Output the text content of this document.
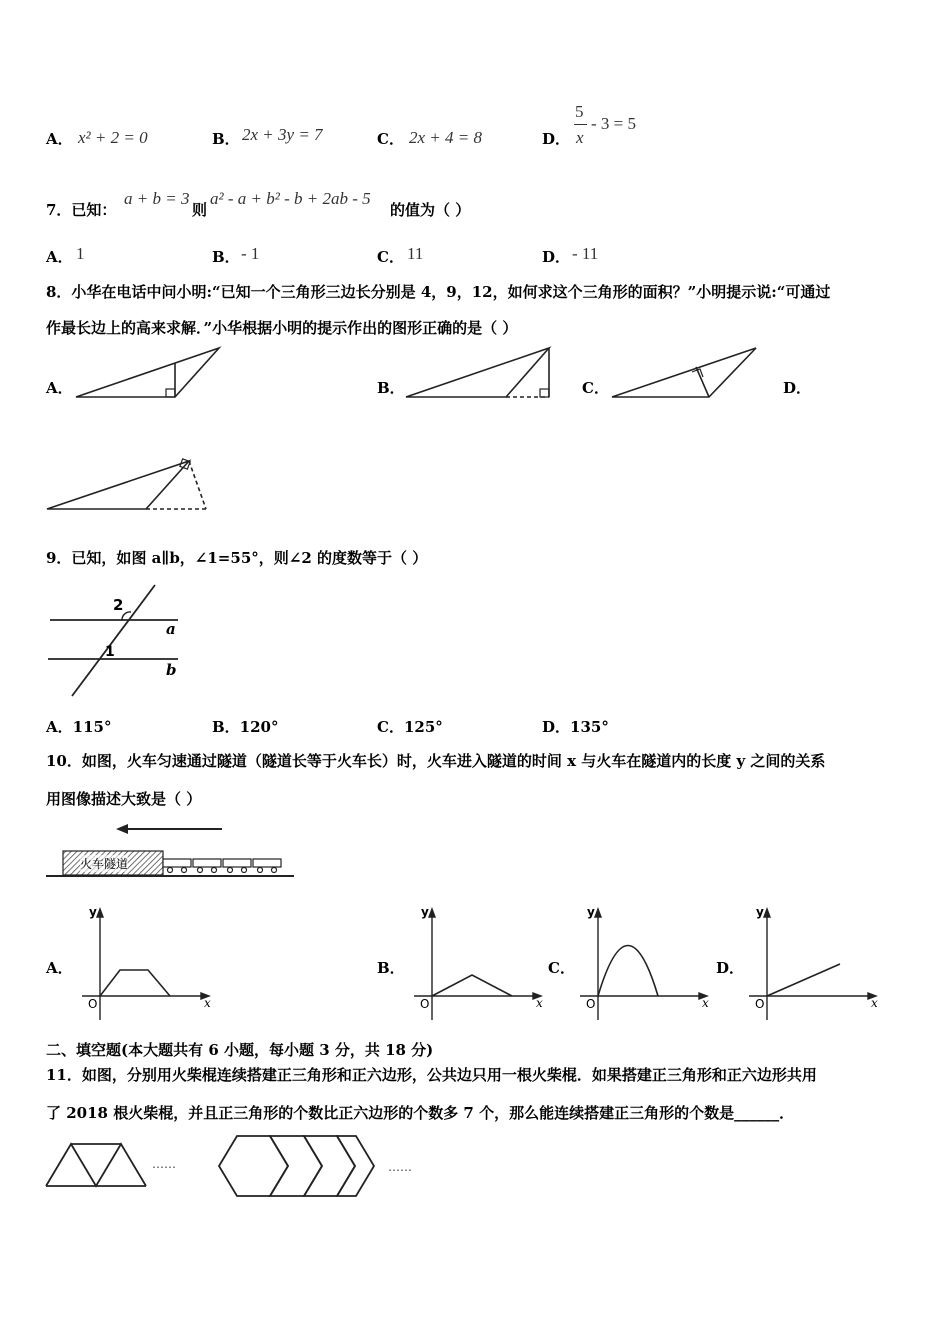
A． x² + 2 = 0	B． 2x + 3y = 7	C． 2x + 4 = 8	D．
5
x
- 3 = 5
7．已知：
a + b = 3
则
a² - a + b² - b + 2ab - 5
的值为（ ）
A． 1	B． - 1	C． 11	D． - 11
8．小华在电话中问小明:“已知一个三角形三边长分别是 4，9，12，如何求这个三角形的面积？”小明提示说:“可通过
作最长边上的高来求解．”小华根据小明的提示作出的图形正确的是（ ）
A．	B．	C．	D．
9．已知，如图 a∥b，∠1=55°，则∠2 的度数等于（ ）
2
1
a
b
A．115°	B．120°	C．125°	D．135°
10．如图，火车匀速通过隧道（隧道长等于火车长）时，火车进入隧道的时间 x 与火车在隧道内的长度 y 之间的关系
用图像描述大致是（ ）
火车隧道
A．	B．	C．	D．
y
x
O
y
x
O
y
x
O
y
x
O
二、填空题(本大题共有 6 小题，每小题 3 分，共 18 分)
11．如图，分别用火柴棍连续搭建正三角形和正六边形，公共边只用一根火柴棍．如果搭建正三角形和正六边形共用
了 2018 根火柴棍，并且正三角形的个数比正六边形的个数多 7 个，那么能连续搭建正三角形的个数是______．
……	……
